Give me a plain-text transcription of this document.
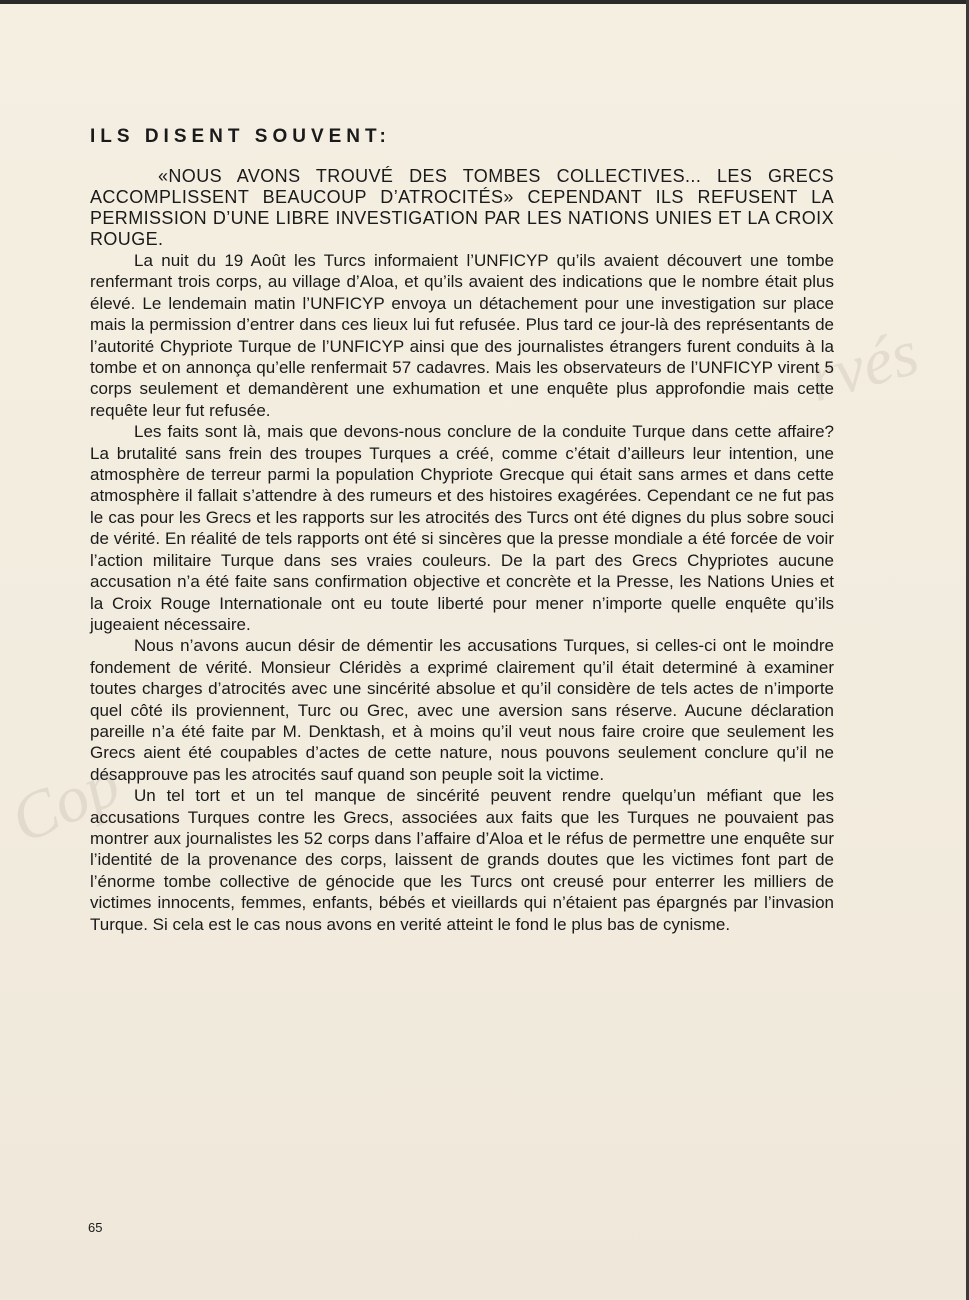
rvés
Cop
ILS DISENT SOUVENT:

«NOUS AVONS TROUVÉ DES TOMBES COLLECTIVES... LES GRECS ACCOMPLISSENT BEAUCOUP D’ATROCITÉS» CEPENDANT ILS REFUSENT LA PERMISSION D’UNE LIBRE INVESTIGATION PAR LES NATIONS UNIES ET LA CROIX ROUGE.

La nuit du 19 Août les Turcs informaient l’UNFICYP qu’ils avaient découvert une tombe renfermant trois corps, au village d’Aloa, et qu’ils avaient des indications que le nombre était plus élevé. Le lendemain matin l’UNFICYP envoya un détachement pour une investigation sur place mais la permission d’entrer dans ces lieux lui fut refusée. Plus tard ce jour-là des représentants de l’autorité Chypriote Turque de l’UNFICYP ainsi que des journalistes étrangers furent conduits à la tombe et on annonça qu’elle renfermait 57 cadavres. Mais les observateurs de l’UNFICYP virent 5 corps seulement et demandèrent une exhumation et une enquête plus approfondie mais cette requête leur fut refusée.

Les faits sont là, mais que devons-nous conclure de la conduite Turque dans cette affaire? La brutalité sans frein des troupes Turques a créé, comme c’était d’ailleurs leur intention, une atmosphère de terreur parmi la population Chypriote Grecque qui était sans armes et dans cette atmosphère il fallait s’attendre à des rumeurs et des histoires exagérées. Cependant ce ne fut pas le cas pour les Grecs et les rapports sur les atrocités des Turcs ont été dignes du plus sobre souci de vérité. En réalité de tels rapports ont été si sincères que la presse mondiale a été forcée de voir l’action militaire Turque dans ses vraies couleurs. De la part des Grecs Chypriotes aucune accusation n’a été faite sans confirmation objective et concrète et la Presse, les Nations Unies et la Croix Rouge Internationale ont eu toute liberté pour mener n’importe quelle enquête qu’ils jugeaient nécessaire.

Nous n’avons aucun désir de démentir les accusations Turques, si celles-ci ont le moindre fondement de vérité. Monsieur Cléridès a exprimé clairement qu’il était determiné à examiner toutes charges d’atrocités avec une sincérité absolue et qu’il considère de tels actes de n’importe quel côté ils proviennent, Turc ou Grec, avec une aversion sans réserve. Aucune déclaration pareille n’a été faite par M. Denktash, et à moins qu’il veut nous faire croire que seulement les Grecs aient été coupables d’actes de cette nature, nous pouvons seulement conclure qu’il ne désapprouve pas les atrocités sauf quand son peuple soit la victime.

Un tel tort et un tel manque de sincérité peuvent rendre quelqu’un méfiant que les accusations Turques contre les Grecs, associées aux faits que les Turques ne pouvaient pas montrer aux journalistes les 52 corps dans l’affaire d’Aloa et le réfus de permettre une enquête sur l’identité de la provenance des corps, laissent de grands doutes que les victimes font part de l’énorme tombe collective de génocide que les Turcs ont creusé pour enterrer les milliers de victimes innocents, femmes, enfants, bébés et vieillards qui n’étaient pas épargnés par l’invasion Turque. Si cela est le cas nous avons en verité atteint le fond le plus bas de cynisme.

65
